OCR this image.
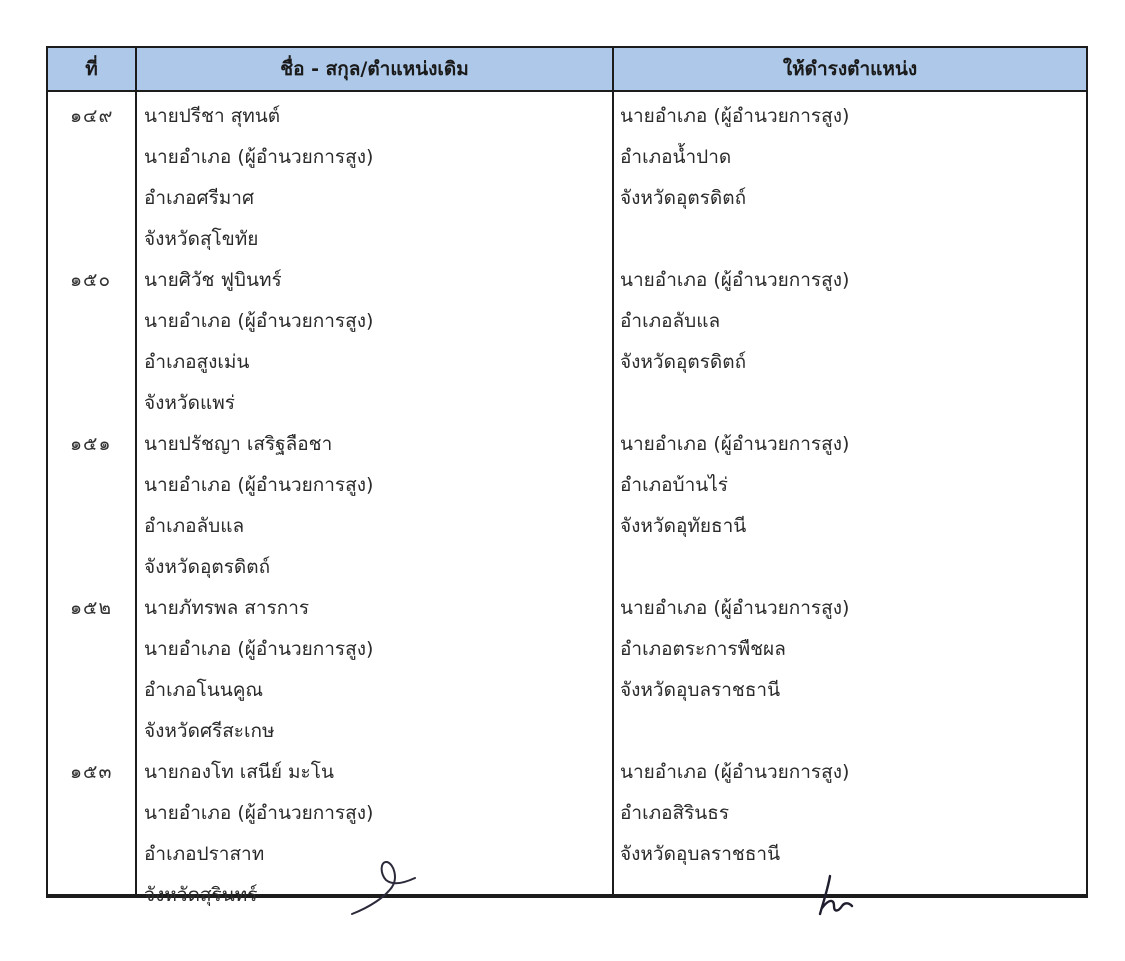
ที่	ชื่อ - สกุล/ตำแหน่งเดิม	ให้ดำรงตำแหน่ง
๑๔๙ นายปรีชา สุทนต์
นายอำเภอ (ผู้อำนวยการสูง)
อำเภอศรีมาศ
จังหวัดสุโขทัย
นายอำเภอ (ผู้อำนวยการสูง)
อำเภอน้ำปาด
จังหวัดอุตรดิตถ์
๑๕๐ นายศิวัช ฟูบินทร์
นายอำเภอ (ผู้อำนวยการสูง)
อำเภอสูงเม่น
จังหวัดแพร่
นายอำเภอ (ผู้อำนวยการสูง)
อำเภอลับแล
จังหวัดอุตรดิตถ์
๑๕๑ นายปรัชญา เสริฐลือชา
นายอำเภอ (ผู้อำนวยการสูง)
อำเภอลับแล
จังหวัดอุตรดิตถ์
นายอำเภอ (ผู้อำนวยการสูง)
อำเภอบ้านไร่
จังหวัดอุทัยธานี
๑๕๒ นายภัทรพล สารการ
นายอำเภอ (ผู้อำนวยการสูง)
อำเภอโนนคูณ
จังหวัดศรีสะเกษ
นายอำเภอ (ผู้อำนวยการสูง)
อำเภอตระการพืชผล
จังหวัดอุบลราชธานี
๑๕๓ นายกองโท เสนีย์ มะโน
นายอำเภอ (ผู้อำนวยการสูง)
อำเภอปราสาท
จังหวัดสุรินทร์
นายอำเภอ (ผู้อำนวยการสูง)
อำเภอสิรินธร
จังหวัดอุบลราชธานี
